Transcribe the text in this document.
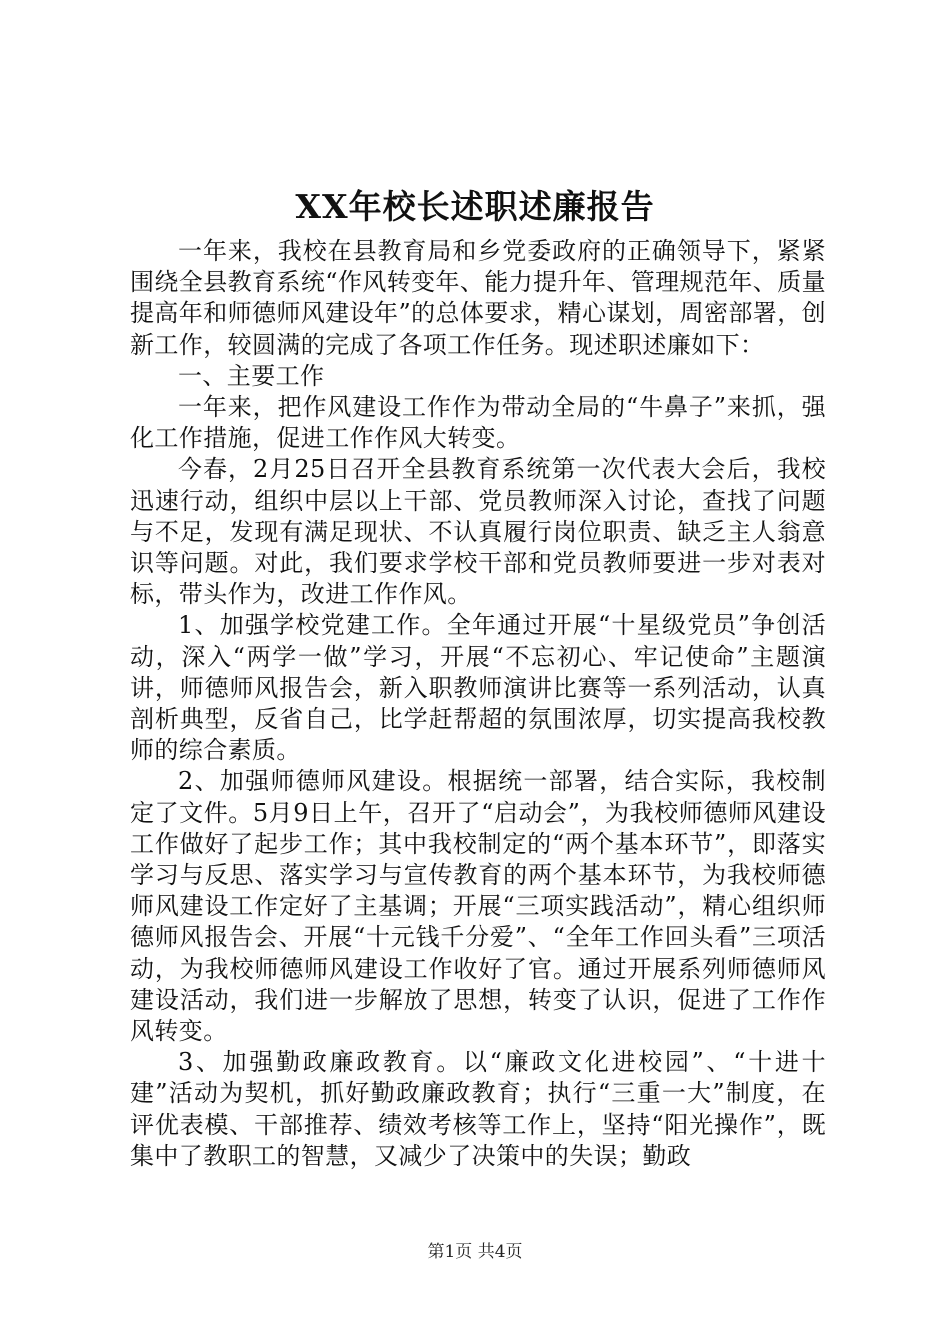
XX年校长述职述廉报告

一年来，我校在县教育局和乡党委政府的正确领导下，紧紧围绕全县教育系统“作风转变年、能力提升年、管理规范年、质量提高年和师德师风建设年”的总体要求，精心谋划，周密部署，创新工作，较圆满的完成了各项工作任务。现述职述廉如下：

一、主要工作

一年来，把作风建设工作作为带动全局的“牛鼻子”来抓，强化工作措施，促进工作作风大转变。

今春，2月25日召开全县教育系统第一次代表大会后，我校迅速行动，组织中层以上干部、党员教师深入讨论，查找了问题与不足，发现有满足现状、不认真履行岗位职责、缺乏主人翁意识等问题。对此，我们要求学校干部和党员教师要进一步对表对标，带头作为，改进工作作风。

1、加强学校党建工作。全年通过开展“十星级党员”争创活动，深入“两学一做”学习，开展“不忘初心、牢记使命”主题演讲，师德师风报告会，新入职教师演讲比赛等一系列活动，认真剖析典型，反省自己，比学赶帮超的氛围浓厚，切实提高我校教师的综合素质。

2、加强师德师风建设。根据统一部署，结合实际，我校制定了文件。5月9日上午，召开了“启动会”，为我校师德师风建设工作做好了起步工作；其中我校制定的“两个基本环节”，即落实学习与反思、落实学习与宣传教育的两个基本环节，为我校师德师风建设工作定好了主基调；开展“三项实践活动”，精心组织师德师风报告会、开展“十元钱千分爱”、“全年工作回头看”三项活动，为我校师德师风建设工作收好了官。通过开展系列师德师风建设活动，我们进一步解放了思想，转变了认识，促进了工作作风转变。

3、加强勤政廉政教育。以“廉政文化进校园”、“十进十建”活动为契机，抓好勤政廉政教育；执行“三重一大”制度，在评优表模、干部推荐、绩效考核等工作上，坚持“阳光操作”，既集中了教职工的智慧，又减少了决策中的失误；勤政

第1页 共4页
